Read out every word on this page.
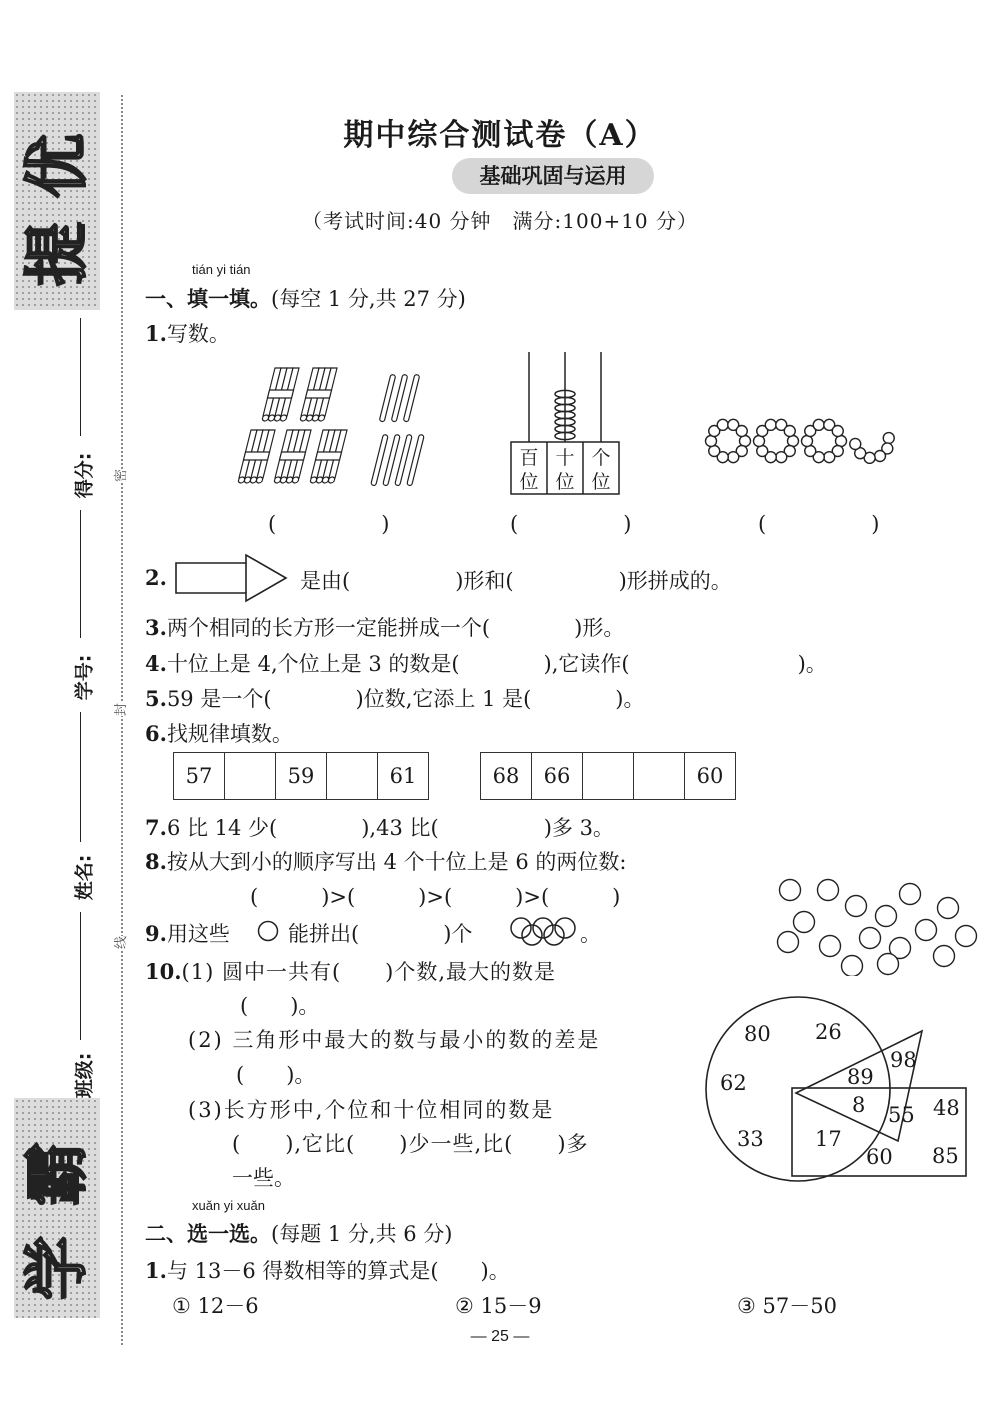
提
优
学
霸
得分:
学号:
姓名:
班级:
密
封
线
期中综合测试卷（A）
基础巩固与运用
（考试时间:40 分钟　满分:100+10 分）
tián yi tián
一、填一填。(每空 1 分,共 27 分)
1.写数。
百
位
十
位
个
位
(　　　　　)	(　　　　　)	(　　　　　)
2.	是由(　　　　　)形和(　　　　　)形拼成的。
3.两个相同的长方形一定能拼成一个(　　　　)形。
4.十位上是 4,个位上是 3 的数是(　　　　),它读作(　　　　　　　　)。
5.59 是一个(　　　　)位数,它添上 1 是(　　　　)。
6.找规律填数。
57		59		61	68	66			60
7.6 比 14 少(　　　　),43 比(　　　　　)多 3。
8.按从大到小的顺序写出 4 个十位上是 6 的两位数:
(　　　)>(　　　)>(　　　)>(　　　)
9.用这些	能拼出(　　　　)个	。
10.(1) 圆中一共有(　　)个数,最大的数是
(　　)。
(2) 三角形中最大的数与最小的数的差是
(　　)。
(3)长方形中,个位和十位相同的数是
(　　),它比(　　)少一些,比(　　)多
一些。
80 26
98
62	89
8 55 48
33 17
60 85
xuǎn yi xuǎn
二、选一选。(每题 1 分,共 6 分)
1.与 13－6 得数相等的算式是(　　)。
① 12－6	② 15－9	③ 57－50
— 25 —
